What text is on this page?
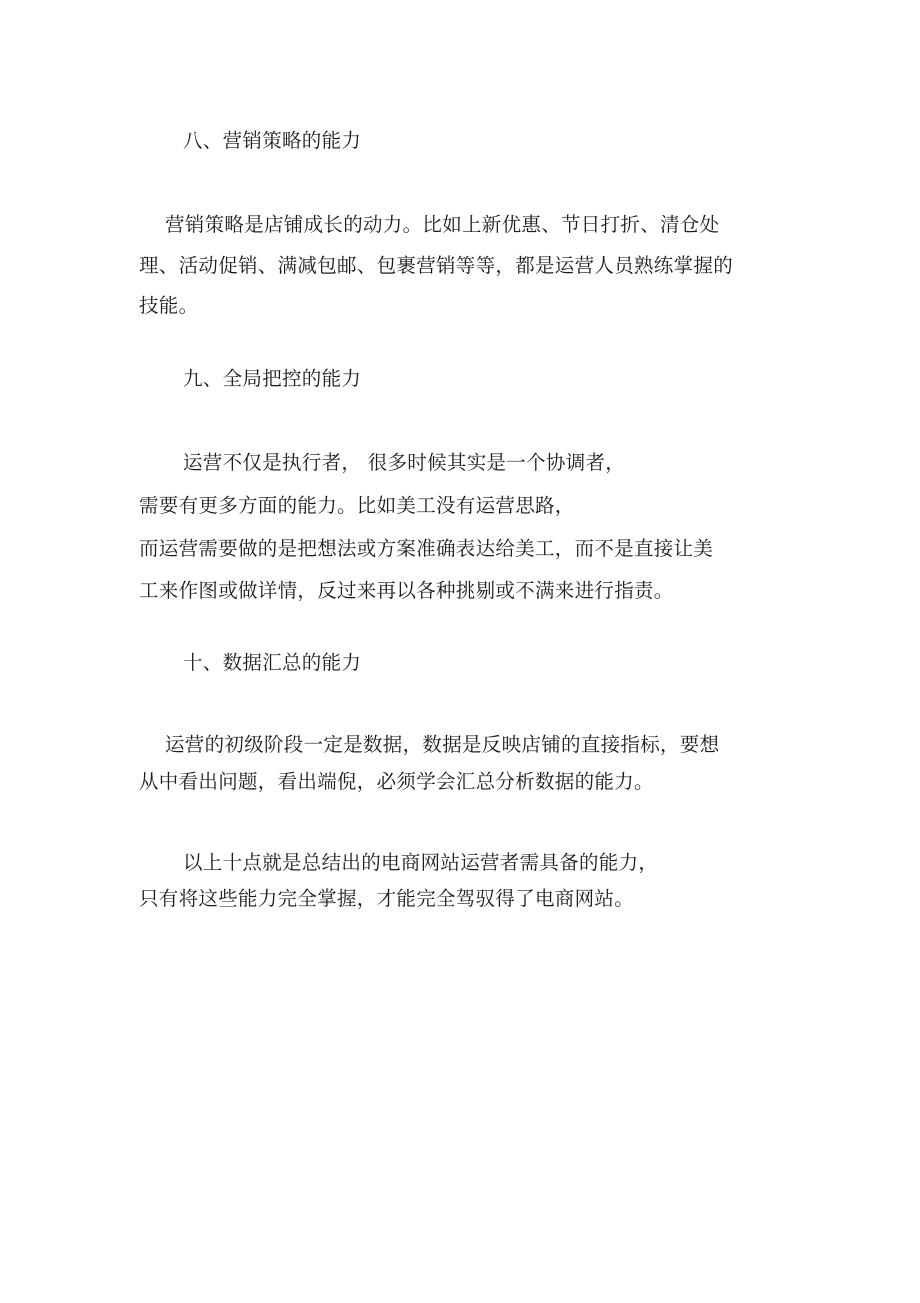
八、营销策略的能力
营销策略是店铺成长的动力。比如上新优惠、节日打折、清仓处
理、活动促销、满减包邮、包裹营销等等，都是运营人员熟练掌握的
技能。
九、全局把控的能力
运营不仅是执行者， 很多时候其实是一个协调者，
需要有更多方面的能力。比如美工没有运营思路，
而运营需要做的是把想法或方案准确表达给美工，而不是直接让美
工来作图或做详情，反过来再以各种挑剔或不满来进行指责。
十、数据汇总的能力
运营的初级阶段一定是数据，数据是反映店铺的直接指标，要想
从中看出问题，看出端倪，必须学会汇总分析数据的能力。
以上十点就是总结出的电商网站运营者需具备的能力，
只有将这些能力完全掌握，才能完全驾驭得了电商网站。
